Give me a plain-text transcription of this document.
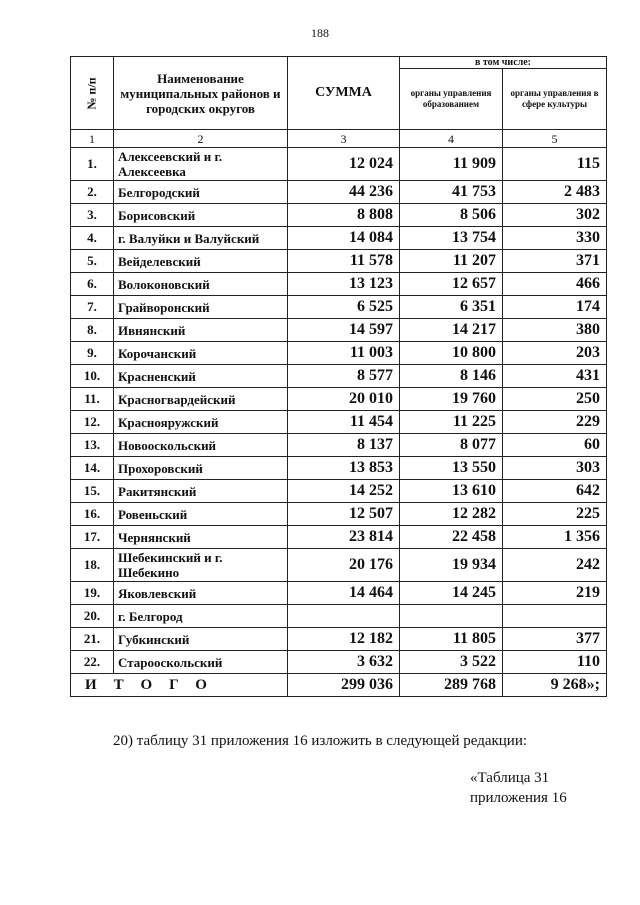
188
№ п/п	Наименование муниципальных районов и городских округов	СУММА	в том числе:	
			органы управления образованием	органы управления в сфере культуры
1	2	3	4	5
1.	Алексеевский и г. Алексеевка	12 024	11 909	115
2.	Белгородский	44 236	41 753	2 483
3.	Борисовский	8 808	8 506	302
4.	г. Валуйки и Валуйский	14 084	13 754	330
5.	Вейделевский	11 578	11 207	371
6.	Волоконовский	13 123	12 657	466
7.	Грайворонский	6 525	6 351	174
8.	Ивнянский	14 597	14 217	380
9.	Корочанский	11 003	10 800	203
10.	Красненский	8 577	8 146	431
11.	Красногвардейский	20 010	19 760	250
12.	Краснояружский	11 454	11 225	229
13.	Новооскольский	8 137	8 077	60
14.	Прохоровский	13 853	13 550	303
15.	Ракитянский	14 252	13 610	642
16.	Ровеньский	12 507	12 282	225
17.	Чернянский	23 814	22 458	1 356
18.	Шебекинский и г. Шебекино	20 176	19 934	242
19.	Яковлевский	14 464	14 245	219
20.	г. Белгород			
21.	Губкинский	12 182	11 805	377
22.	Старооскольский	3 632	3 522	110
ИТОГО		299 036	289 768	9 268»;
20) таблицу 31 приложения 16 изложить в следующей редакции:
«Таблица 31
приложения 16
